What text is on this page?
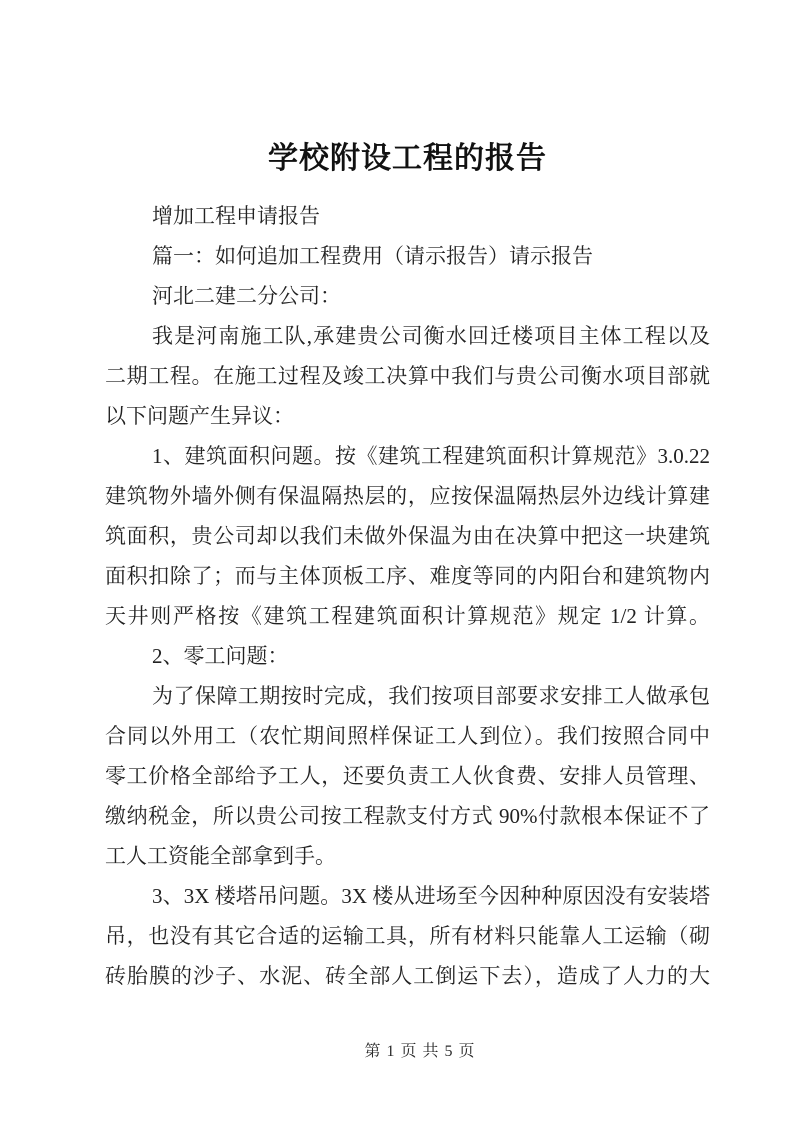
学校附设工程的报告
增加工程申请报告
篇一：如何追加工程费用（请示报告）请示报告
河北二建二分公司：
我是河南施工队,承建贵公司衡水回迁楼项目主体工程以及
二期工程。在施工过程及竣工决算中我们与贵公司衡水项目部就
以下问题产生异议：
1、建筑面积问题。按《建筑工程建筑面积计算规范》3.0.22
建筑物外墙外侧有保温隔热层的，应按保温隔热层外边线计算建
筑面积，贵公司却以我们未做外保温为由在决算中把这一块建筑
面积扣除了；而与主体顶板工序、难度等同的内阳台和建筑物内
天井则严格按《建筑工程建筑面积计算规范》规定 1/2 计算。
2、零工问题：
为了保障工期按时完成，我们按项目部要求安排工人做承包
合同以外用工（农忙期间照样保证工人到位）。我们按照合同中
零工价格全部给予工人，还要负责工人伙食费、安排人员管理、
缴纳税金，所以贵公司按工程款支付方式 90%付款根本保证不了
工人工资能全部拿到手。
3、3X 楼塔吊问题。3X 楼从进场至今因种种原因没有安装塔
吊，也没有其它合适的运输工具，所有材料只能靠人工运输（砌
砖胎膜的沙子、水泥、砖全部人工倒运下去），造成了人力的大
第 1 页 共 5 页
